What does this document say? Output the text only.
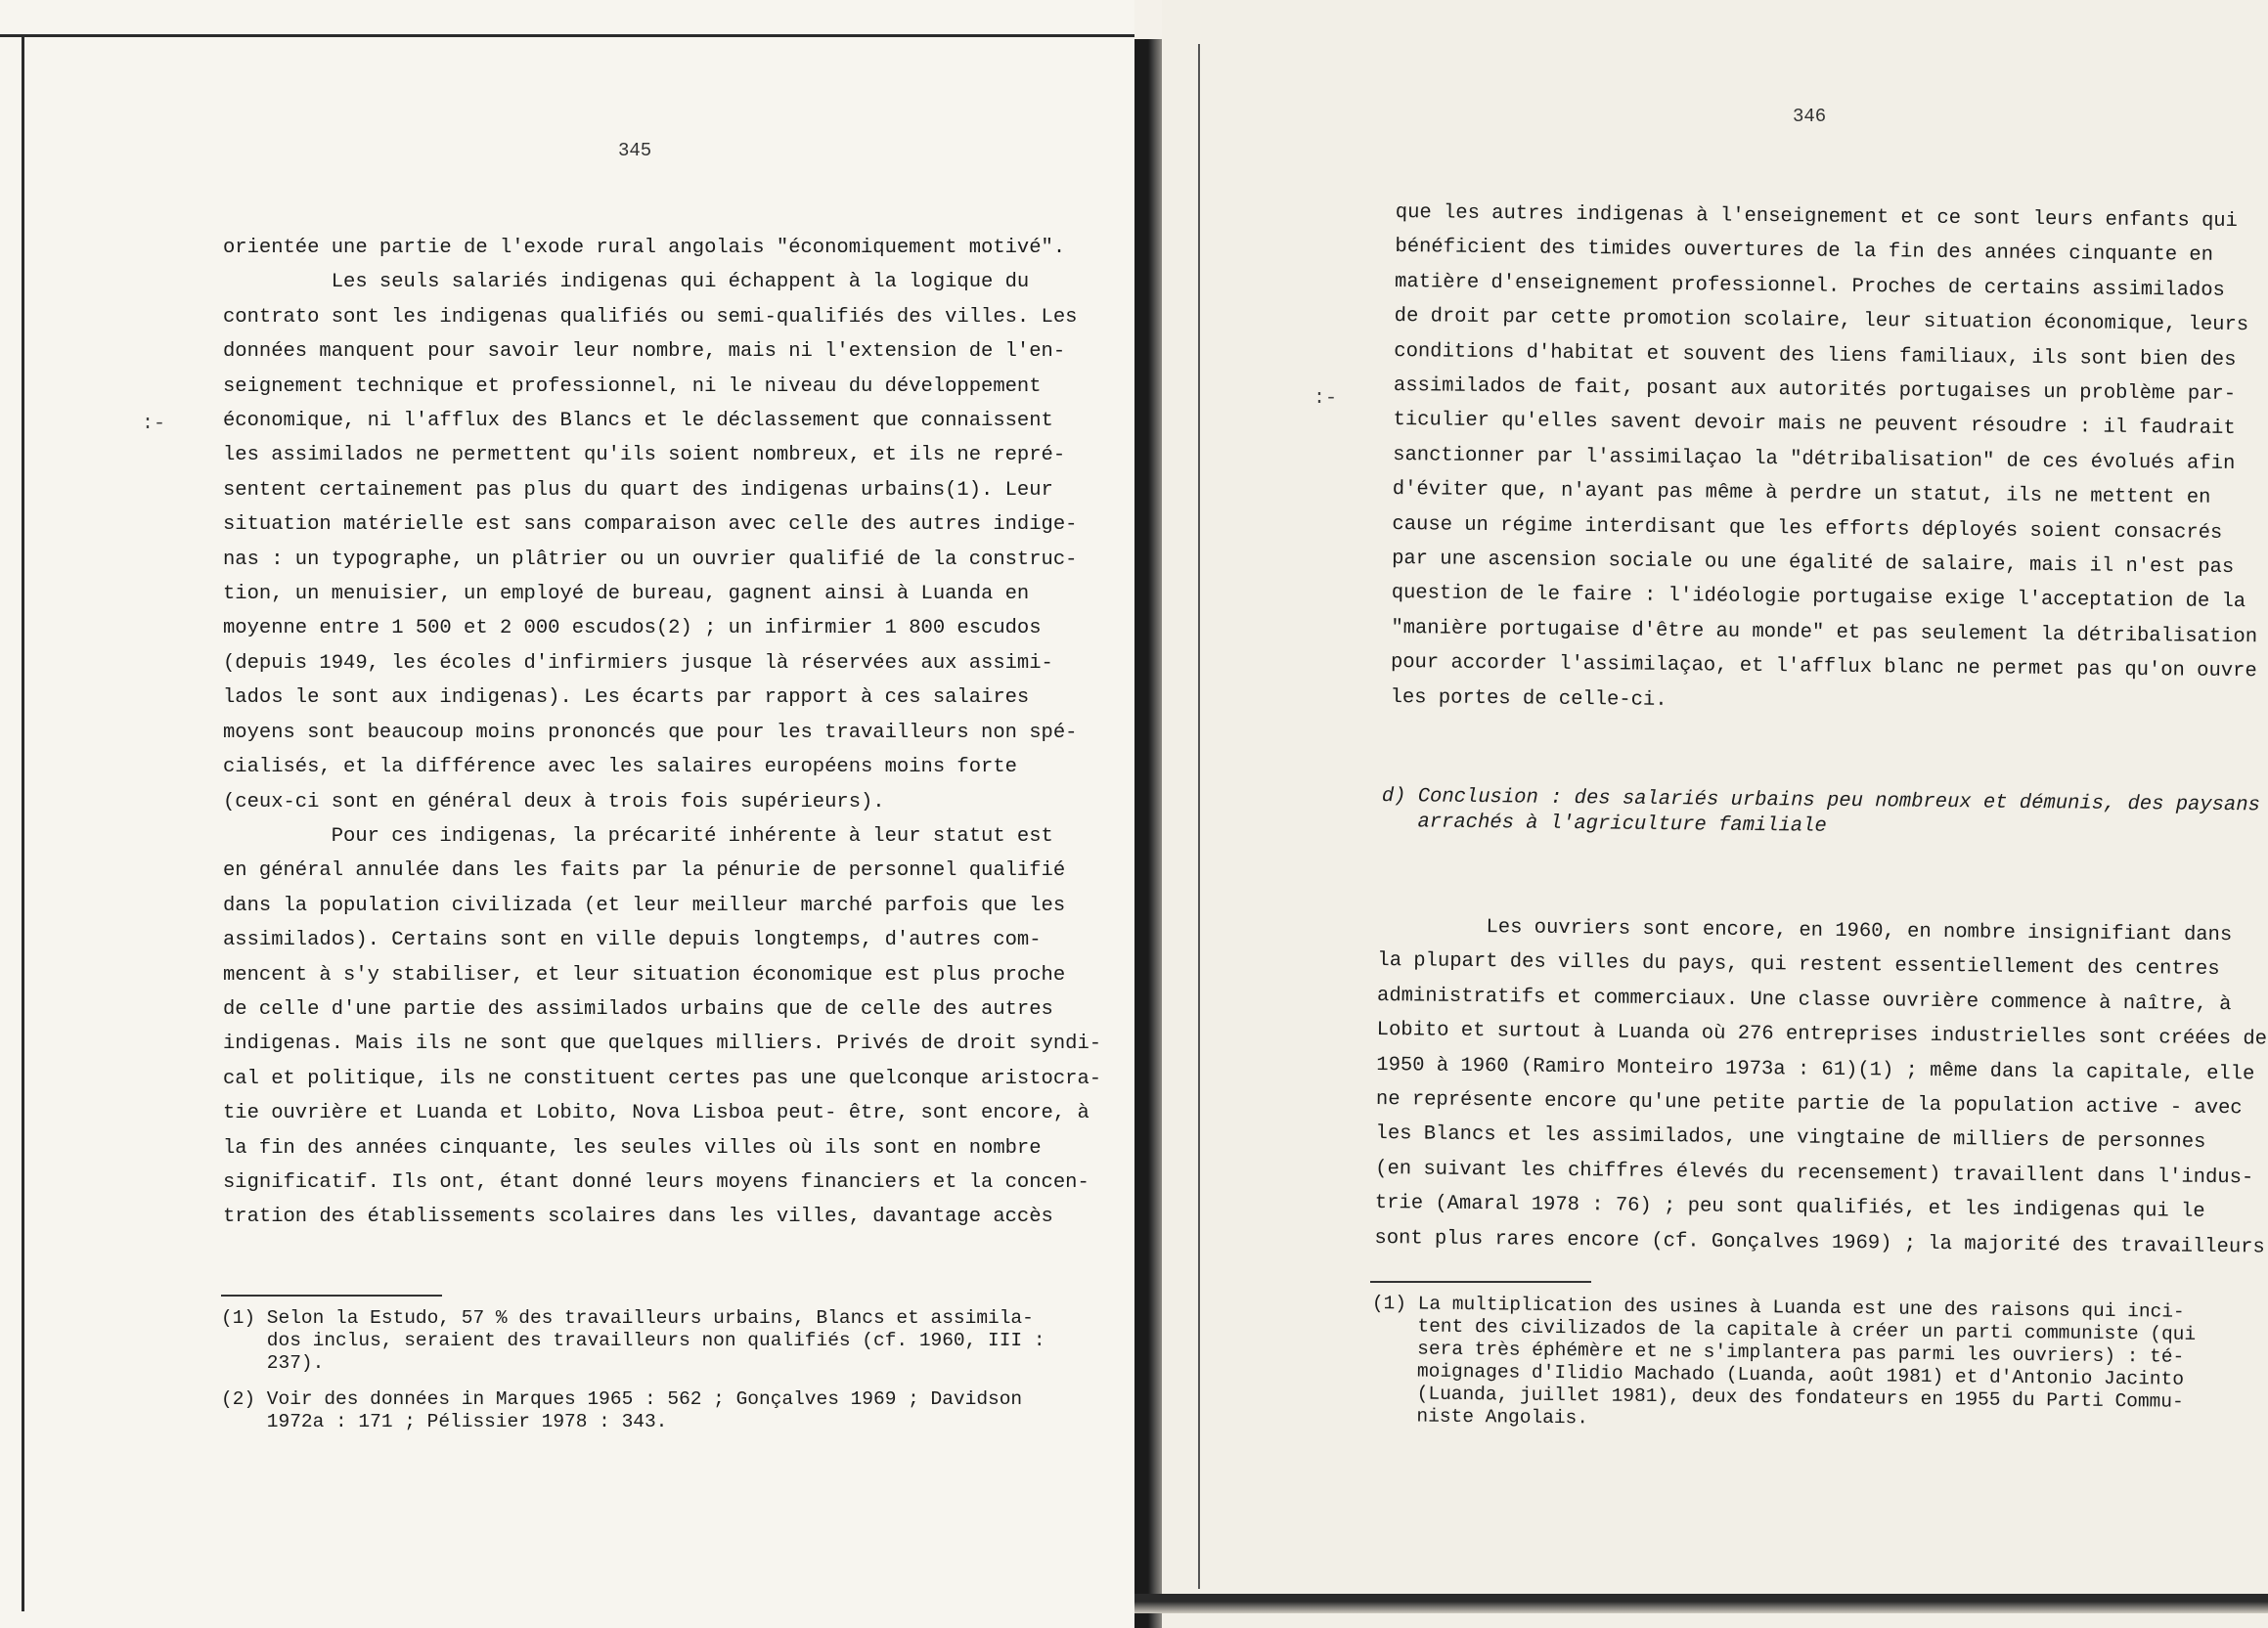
345
orientée une partie de l'exode rural angolais "économiquement motivé".
Les seuls salariés indigenas qui échappent à la logique du
contrato sont les indigenas qualifiés ou semi-qualifiés des villes. Les
données manquent pour savoir leur nombre, mais ni l'extension de l'en-
seignement technique et professionnel, ni le niveau du développement
économique, ni l'afflux des Blancs et le déclassement que connaissent
les assimilados ne permettent qu'ils soient nombreux, et ils ne repré-
sentent certainement pas plus du quart des indigenas urbains(1). Leur
situation matérielle est sans comparaison avec celle des autres indige-
nas : un typographe, un plâtrier ou un ouvrier qualifié de la construc-
tion, un menuisier, un employé de bureau, gagnent ainsi à Luanda en
moyenne entre 1 500 et 2 000 escudos(2) ; un infirmier 1 800 escudos
(depuis 1949, les écoles d'infirmiers jusque là réservées aux assimi-
lados le sont aux indigenas). Les écarts par rapport à ces salaires
moyens sont beaucoup moins prononcés que pour les travailleurs non spé-
cialisés, et la différence avec les salaires européens moins forte
(ceux-ci sont en général deux à trois fois supérieurs).
Pour ces indigenas, la précarité inhérente à leur statut est
en général annulée dans les faits par la pénurie de personnel qualifié
dans la population civilizada (et leur meilleur marché parfois que les
assimilados). Certains sont en ville depuis longtemps, d'autres com-
mencent à s'y stabiliser, et leur situation économique est plus proche
de celle d'une partie des assimilados urbains que de celle des autres
indigenas. Mais ils ne sont que quelques milliers. Privés de droit syndi-
cal et politique, ils ne constituent certes pas une quelconque aristocra-
tie ouvrière et Luanda et Lobito, Nova Lisboa peut- être, sont encore, à
la fin des années cinquante, les seules villes où ils sont en nombre
significatif. Ils ont, étant donné leurs moyens financiers et la concen-
tration des établissements scolaires dans les villes, davantage accès
(1) Selon la Estudo, 57 % des travailleurs urbains, Blancs et assimila-
dos inclus, seraient des travailleurs non qualifiés (cf. 1960, III :
237).
(2) Voir des données in Marques 1965 : 562 ; Gonçalves 1969 ; Davidson
1972a : 171 ; Pélissier 1978 : 343.
:-
346
que les autres indigenas à l'enseignement et ce sont leurs enfants qui
bénéficient des timides ouvertures de la fin des années cinquante en
matière d'enseignement professionnel. Proches de certains assimilados
de droit par cette promotion scolaire, leur situation économique, leurs
conditions d'habitat et souvent des liens familiaux, ils sont bien des
assimilados de fait, posant aux autorités portugaises un problème par-
ticulier qu'elles savent devoir mais ne peuvent résoudre : il faudrait
sanctionner par l'assimilaçao la "détribalisation" de ces évolués afin
d'éviter que, n'ayant pas même à perdre un statut, ils ne mettent en
cause un régime interdisant que les efforts déployés soient consacrés
par une ascension sociale ou une égalité de salaire, mais il n'est pas
question de le faire : l'idéologie portugaise exige l'acceptation de la
"manière portugaise d'être au monde" et pas seulement la détribalisation
pour accorder l'assimilaçao, et l'afflux blanc ne permet pas qu'on ouvre
les portes de celle-ci.
d) Conclusion : des salariés urbains peu nombreux et démunis, des paysans
arrachés à l'agriculture familiale
Les ouvriers sont encore, en 1960, en nombre insignifiant dans
la plupart des villes du pays, qui restent essentiellement des centres
administratifs et commerciaux. Une classe ouvrière commence à naître, à
Lobito et surtout à Luanda où 276 entreprises industrielles sont créées de
1950 à 1960 (Ramiro Monteiro 1973a : 61)(1) ; même dans la capitale, elle
ne représente encore qu'une petite partie de la population active - avec
les Blancs et les assimilados, une vingtaine de milliers de personnes
(en suivant les chiffres élevés du recensement) travaillent dans l'indus-
trie (Amaral 1978 : 76) ; peu sont qualifiés, et les indigenas qui le
sont plus rares encore (cf. Gonçalves 1969) ; la majorité des travailleurs
(1) La multiplication des usines à Luanda est une des raisons qui inci-
tent des civilizados de la capitale à créer un parti communiste (qui
sera très éphémère et ne s'implantera pas parmi les ouvriers) : té-
moignages d'Ilidio Machado (Luanda, août 1981) et d'Antonio Jacinto
(Luanda, juillet 1981), deux des fondateurs en 1955 du Parti Commu-
niste Angolais.
:-
